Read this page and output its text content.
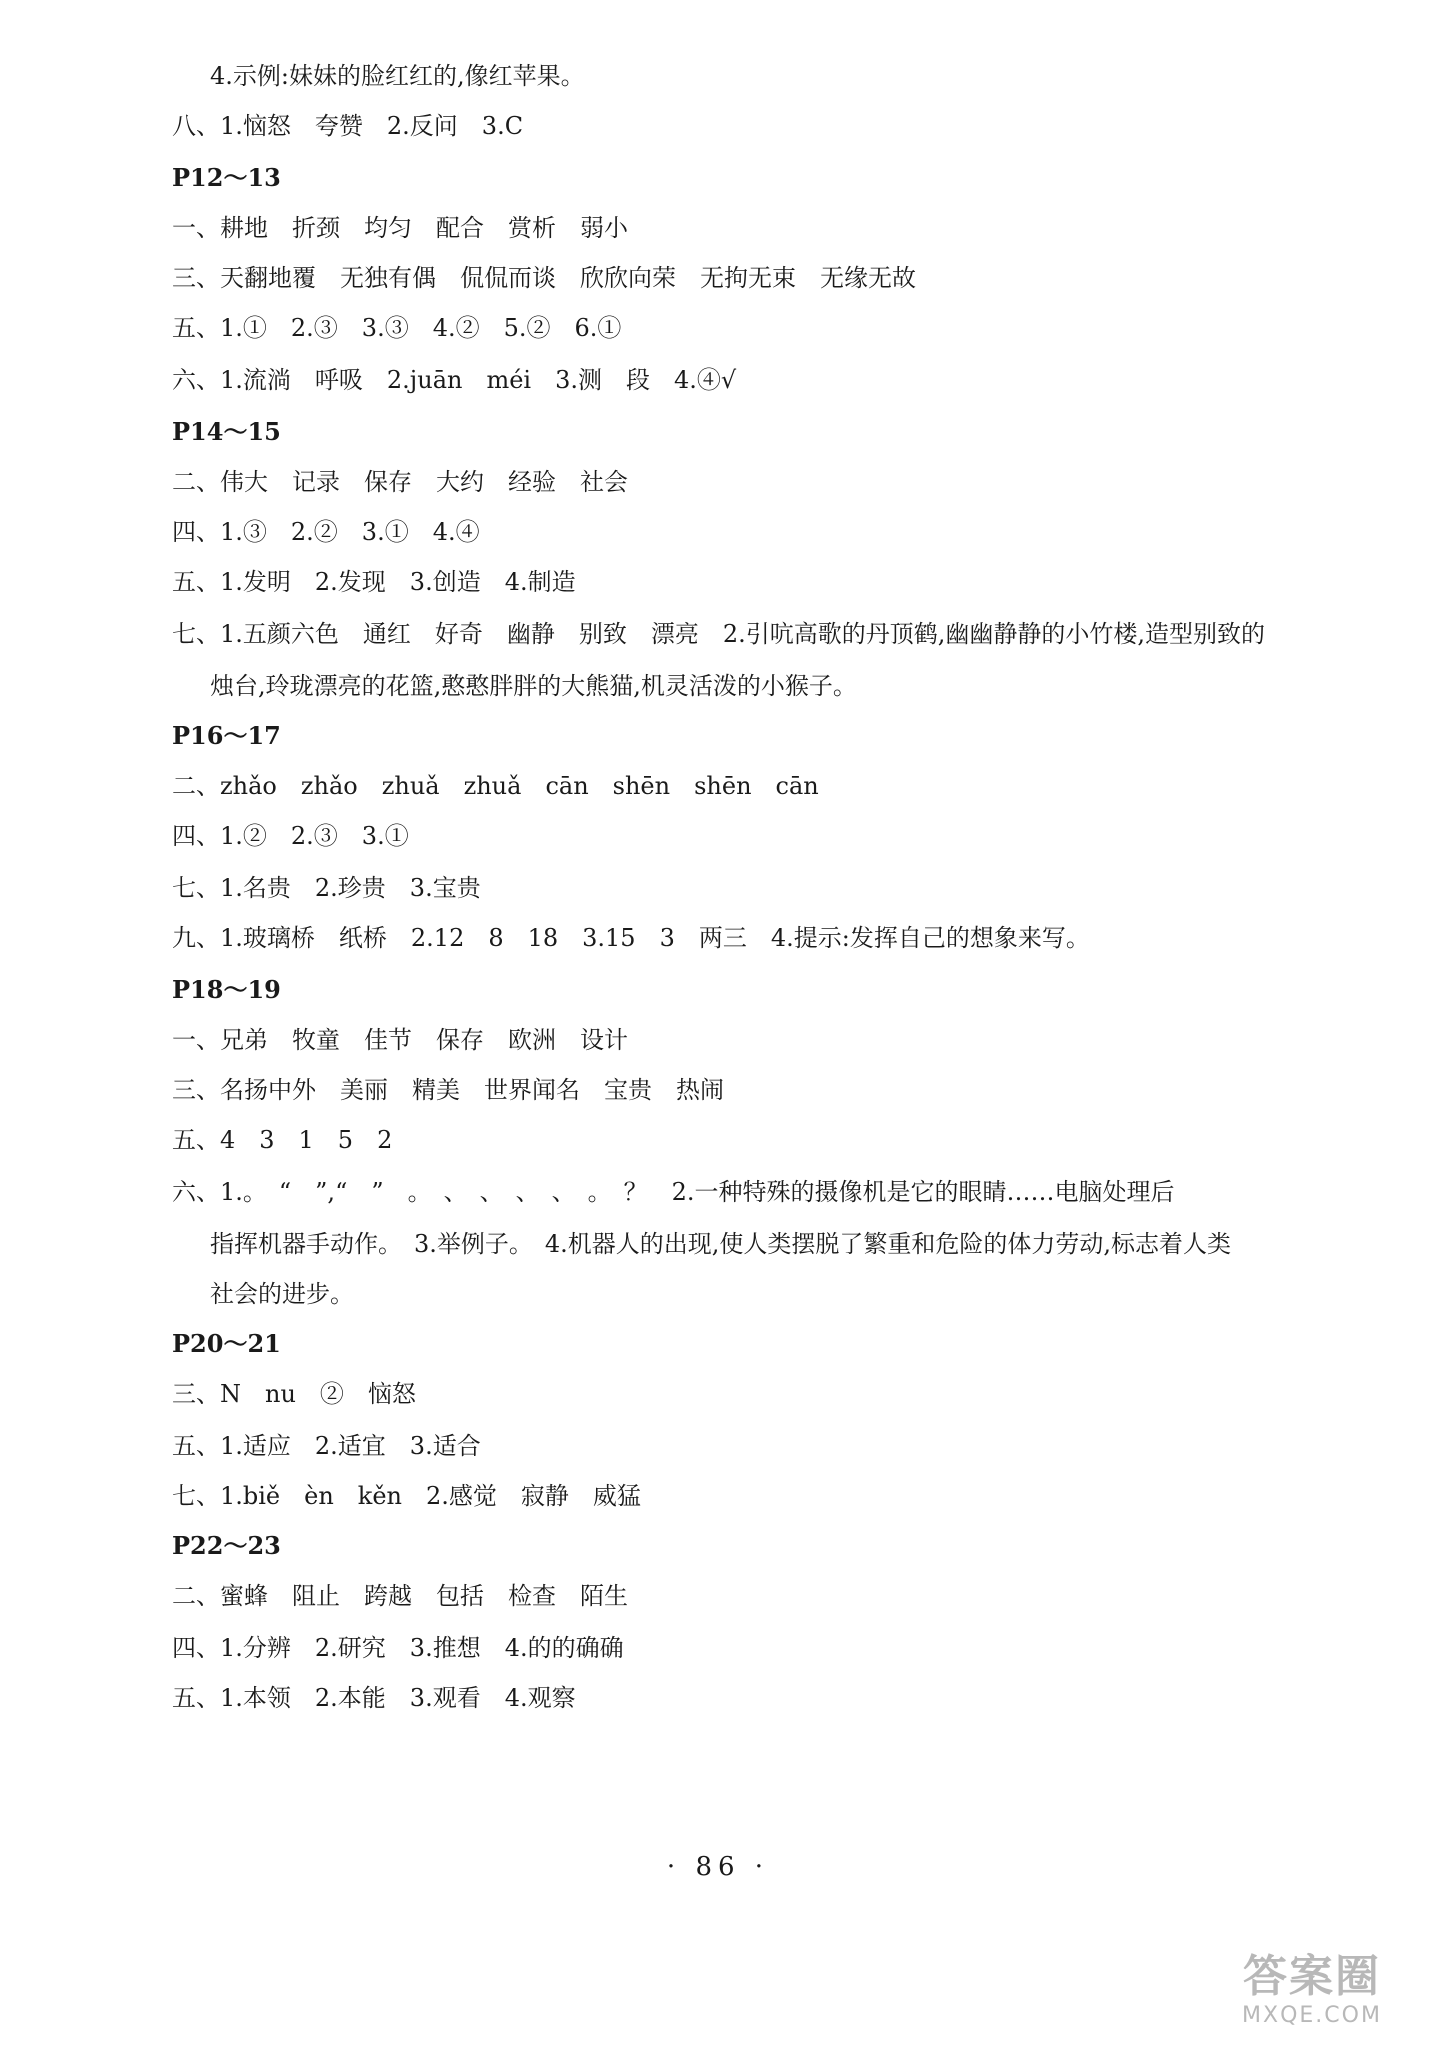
4.示例:妹妹的脸红红的,像红苹果。
八、1.恼怒　夸赞　2.反问　3.C
P12～13
一、耕地　折颈　均匀　配合　赏析　弱小
三、天翻地覆　无独有偶　侃侃而谈　欣欣向荣　无拘无束　无缘无故
五、1.①　2.③　3.③　4.②　5.②　6.①
六、1.流淌　呼吸　2.juān　méi　3.测　段　4.④√
P14～15
二、伟大　记录　保存　大约　经验　社会
四、1.③　2.②　3.①　4.④
五、1.发明　2.发现　3.创造　4.制造
七、1.五颜六色　通红　好奇　幽静　别致　漂亮　2.引吭高歌的丹顶鹤,幽幽静静的小竹楼,造型别致的
烛台,玲珑漂亮的花篮,憨憨胖胖的大熊猫,机灵活泼的小猴子。
P16～17
二、zhǎo　zhǎo　zhuǎ　zhuǎ　cān　shēn　shēn　cān
四、1.②　2.③　3.①
七、1.名贵　2.珍贵　3.宝贵
九、1.玻璃桥　纸桥　2.12　8　18　3.15　3　两三　4.提示:发挥自己的想象来写。
P18～19
一、兄弟　牧童　佳节　保存　欧洲　设计
三、名扬中外　美丽　精美　世界闻名　宝贵　热闹
五、4　3　1　5　2
六、1.。　“　”,“　”　。　、　、　、　、　。　？　2.一种特殊的摄像机是它的眼睛……电脑处理后
指挥机器手动作。　3.举例子。　4.机器人的出现,使人类摆脱了繁重和危险的体力劳动,标志着人类
社会的进步。
P20～21
三、N　nu　②　恼怒
五、1.适应　2.适宜　3.适合
七、1.biě　èn　kěn　2.感觉　寂静　威猛
P22～23
二、蜜蜂　阻止　跨越　包括　检查　陌生
四、1.分辨　2.研究　3.推想　4.的的确确
五、1.本领　2.本能　3.观看　4.观察
· 86 ·
答案圈
MXQE.COM
